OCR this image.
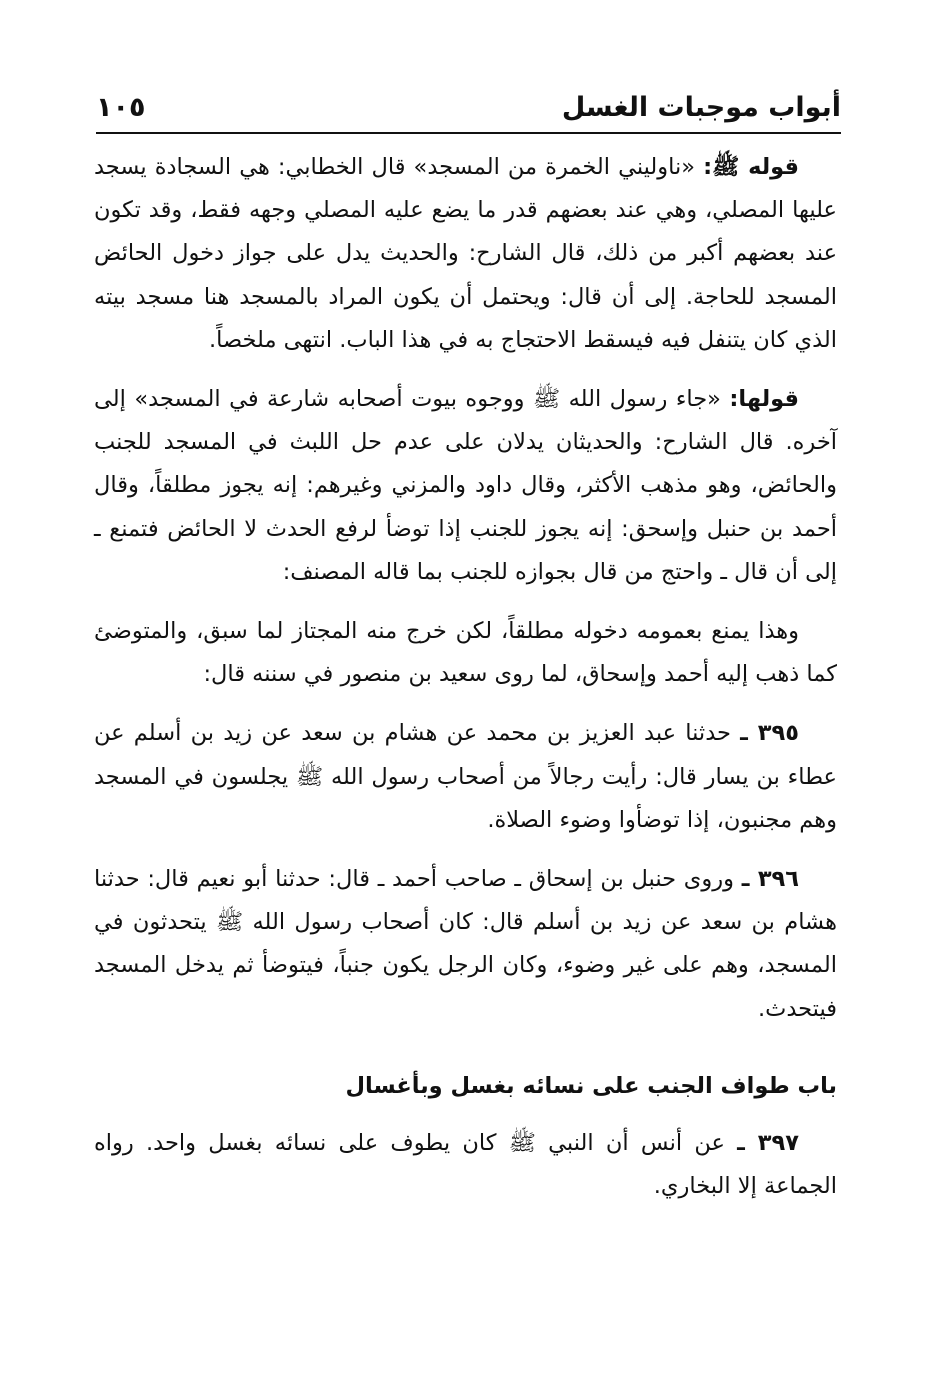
أبواب موجبات الغسل
١٠٥

قوله ﷺ: «ناوليني الخمرة من المسجد» قال الخطابي: هي السجادة يسجد عليها المصلي، وهي عند بعضهم قدر ما يضع عليه المصلي وجهه فقط، وقد تكون عند بعضهم أكبر من ذلك، قال الشارح: والحديث يدل على جواز دخول الحائض المسجد للحاجة. إلى أن قال: ويحتمل أن يكون المراد بالمسجد هنا مسجد بيته الذي كان يتنفل فيه فيسقط الاحتجاج به في هذا الباب. انتهى ملخصاً.

قولها: «جاء رسول الله ﷺ ووجوه بيوت أصحابه شارعة في المسجد» إلى آخره. قال الشارح: والحديثان يدلان على عدم حل اللبث في المسجد للجنب والحائض، وهو مذهب الأكثر، وقال داود والمزني وغيرهم: إنه يجوز مطلقاً، وقال أحمد بن حنبل وإسحق: إنه يجوز للجنب إذا توضأ لرفع الحدث لا الحائض فتمنع ـ إلى أن قال ـ واحتج من قال بجوازه للجنب بما قاله المصنف:

وهذا يمنع بعمومه دخوله مطلقاً، لكن خرج منه المجتاز لما سبق، والمتوضئ كما ذهب إليه أحمد وإسحاق، لما روى سعيد بن منصور في سننه قال:

٣٩٥ ـ حدثنا عبد العزيز بن محمد عن هشام بن سعد عن زيد بن أسلم عن عطاء بن يسار قال: رأيت رجالاً من أصحاب رسول الله ﷺ يجلسون في المسجد وهم مجنبون، إذا توضأوا وضوء الصلاة.

٣٩٦ ـ وروى حنبل بن إسحاق ـ صاحب أحمد ـ قال: حدثنا أبو نعيم قال: حدثنا هشام بن سعد عن زيد بن أسلم قال: كان أصحاب رسول الله ﷺ يتحدثون في المسجد، وهم على غير وضوء، وكان الرجل يكون جنباً، فيتوضأ ثم يدخل المسجد فيتحدث.

باب طواف الجنب على نسائه بغسل وبأغسال

٣٩٧ ـ عن أنس أن النبي ﷺ كان يطوف على نسائه بغسل واحد. رواه الجماعة إلا البخاري.
